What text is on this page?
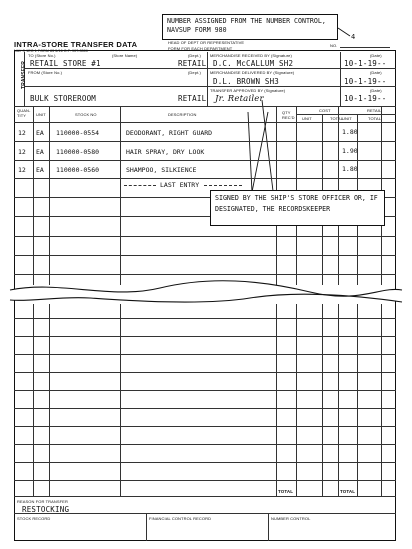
INTRA-STORE TRANSFER DATA
NAV S 1EO 1 FORM 83 5/16 G.P. 907-3300
HEAD OF DEPT OR REPRESENTATIVE
FORM FOR EACH DEPARTMENT
NO.
4
NUMBER ASSIGNED FROM THE NUMBER CONTROL, NAVSUP FORM 980
TRANSFER
TO (Store No.)	(Store Name)	(Dept.)
RETAIL STORE #1	RETAIL
MERCHANDISE RECEIVED BY (Signature)	(Date)
D.C. McCALLUM SH2	10-1-19--
FROM (Store No.)	(Dept.) MERCHANDISE DELIVERED BY (Signature)	(Date)
D.L. BROWN SH3	10-1-19--
BULK STOREROOM	RETAIL
TRANSFER APPROVED BY (Signature)	(Date)
Jr. Retailer	10-1-19--
QUAN-TITY	UNIT	STOCK NO	DESCRIPTION	QTY REC'D
COST
UNIT	TOTAL
RETAIL
UNIT	TOTAL
12 EA 110000-0554	DEODORANT, RIGHT GUARD	1.80
12 EA 110000-0580	HAIR SPRAY, DRY LOOK	1.90
12 EA 110000-0560	SHAMPOO, SILKIENCE	1.80
LAST ENTRY
SIGNED BY THE SHIP'S STORE OFFICER OR, IF DESIGNATED, THE RECORDSKEEPER
TOTAL	TOTAL
REASON FOR TRANSFER
RESTOCKING
STOCK RECORD	FINANCIAL CONTROL RECORD	NUMBER CONTROL
